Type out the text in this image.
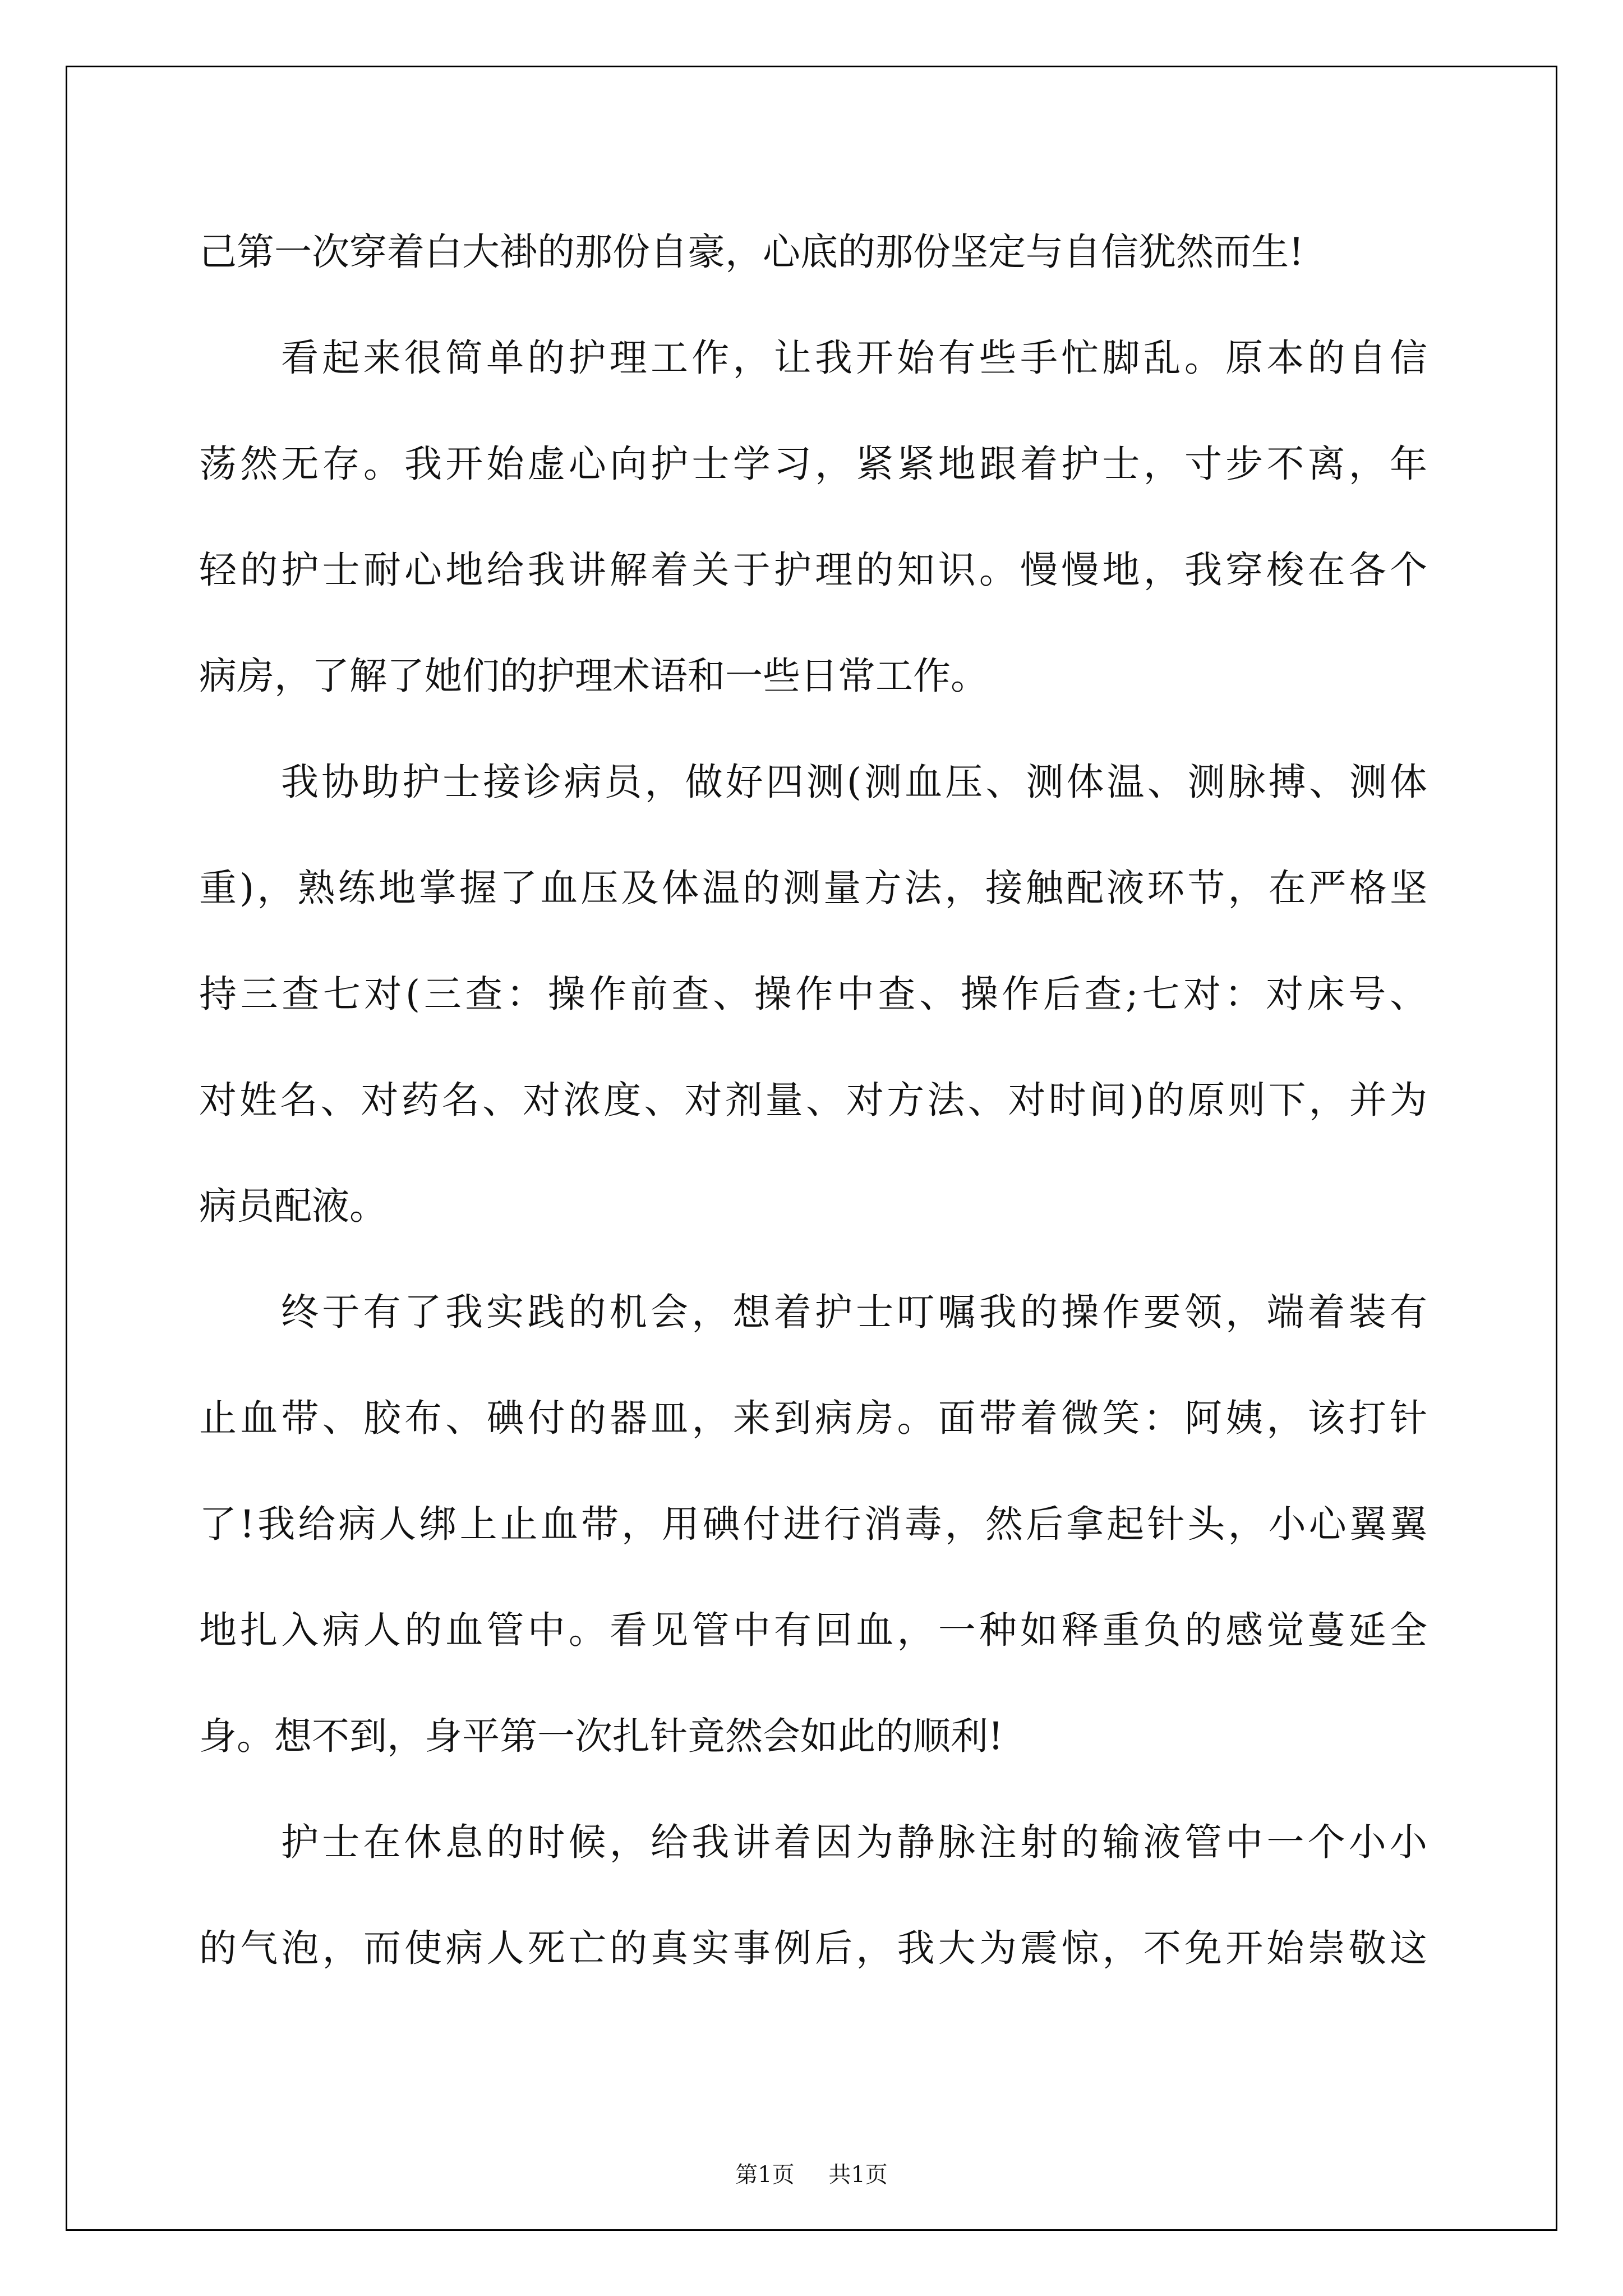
己第一次穿着白大褂的那份自豪，心底的那份坚定与自信犹然而生!
看起来很简单的护理工作，让我开始有些手忙脚乱。原本的自信
荡然无存。我开始虚心向护士学习，紧紧地跟着护士，寸步不离，年
轻的护士耐心地给我讲解着关于护理的知识。慢慢地，我穿梭在各个
病房，了解了她们的护理术语和一些日常工作。
我协助护士接诊病员，做好四测(测血压、测体温、测脉搏、测体
重)，熟练地掌握了血压及体温的测量方法，接触配液环节，在严格坚
持三查七对(三查：操作前查、操作中查、操作后查;七对：对床号、
对姓名、对药名、对浓度、对剂量、对方法、对时间)的原则下，并为
病员配液。
终于有了我实践的机会，想着护士叮嘱我的操作要领，端着装有
止血带、胶布、碘付的器皿，来到病房。面带着微笑：阿姨，该打针
了!我给病人绑上止血带，用碘付进行消毒，然后拿起针头，小心翼翼
地扎入病人的血管中。看见管中有回血，一种如释重负的感觉蔓延全
身。想不到，身平第一次扎针竟然会如此的顺利!
护士在休息的时候，给我讲着因为静脉注射的输液管中一个小小
的气泡，而使病人死亡的真实事例后，我大为震惊，不免开始崇敬这
第1页 共1页
